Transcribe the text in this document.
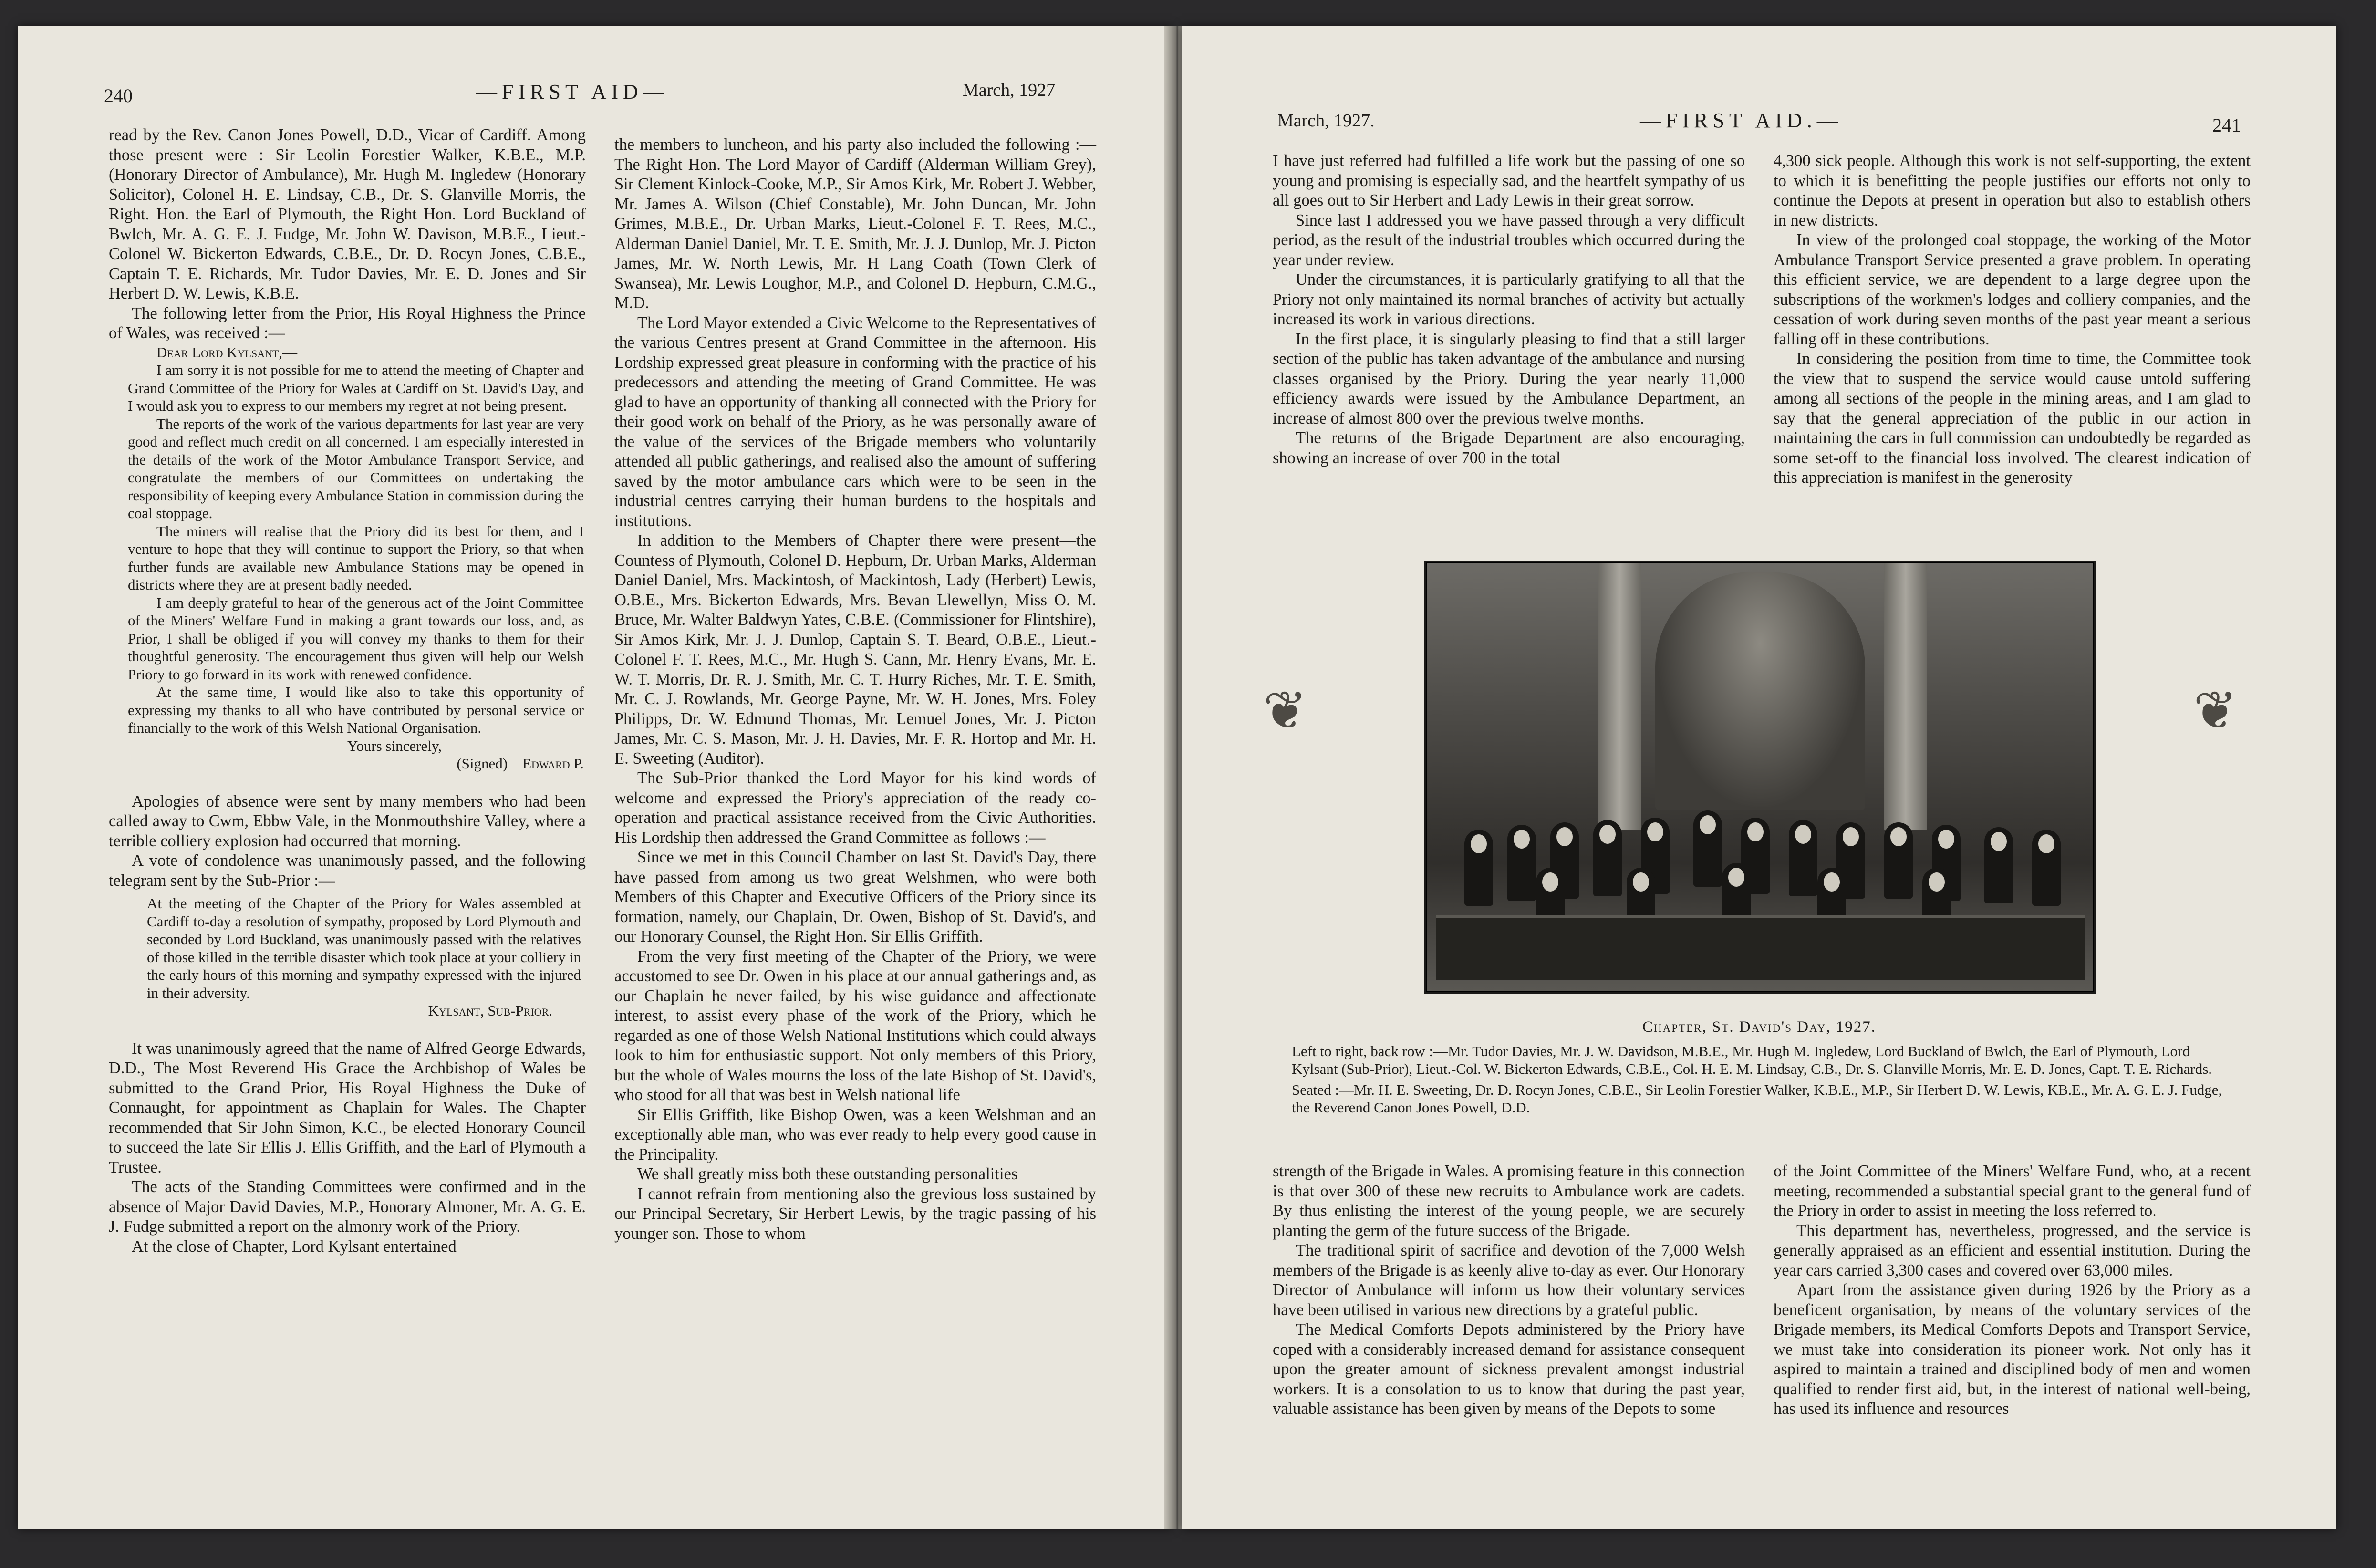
240	—FIRST AID—	March, 1927

read by the Rev. Canon Jones Powell, D.D., Vicar of Cardiff. Among those present were : Sir Leolin Forestier Walker, K.B.E., M.P. (Honorary Director of Ambulance), Mr. Hugh M. Ingledew (Honorary Solicitor), Colonel H. E. Lindsay, C.B., Dr. S. Glanville Morris, the Right. Hon. the Earl of Plymouth, the Right Hon. Lord Buckland of Bwlch, Mr. A. G. E. J. Fudge, Mr. John W. Davison, M.B.E., Lieut.-Colonel W. Bickerton Edwards, C.B.E., Dr. D. Rocyn Jones, C.B.E., Captain T. E. Richards, Mr. Tudor Davies, Mr. E. D. Jones and Sir Herbert D. W. Lewis, K.B.E.

The following letter from the Prior, His Royal Highness the Prince of Wales, was received :—

Dear Lord Kylsant,—

I am sorry it is not possible for me to attend the meeting of Chapter and Grand Committee of the Priory for Wales at Cardiff on St. David's Day, and I would ask you to express to our members my regret at not being present.

The reports of the work of the various departments for last year are very good and reflect much credit on all concerned. I am especially interested in the details of the work of the Motor Ambulance Transport Service, and congratulate the members of our Committees on undertaking the responsibility of keeping every Ambulance Station in commission during the coal stoppage.

The miners will realise that the Priory did its best for them, and I venture to hope that they will continue to support the Priory, so that when further funds are available new Ambulance Stations may be opened in districts where they are at present badly needed.

I am deeply grateful to hear of the generous act of the Joint Committee of the Miners' Welfare Fund in making a grant towards our loss, and, as Prior, I shall be obliged if you will convey my thanks to them for their thoughtful generosity. The encouragement thus given will help our Welsh Priory to go forward in its work with renewed confidence.

At the same time, I would like also to take this opportunity of expressing my thanks to all who have contributed by personal service or financially to the work of this Welsh National Organisation.

Yours sincerely,

(Signed) Edward P.

Apologies of absence were sent by many members who had been called away to Cwm, Ebbw Vale, in the Monmouthshire Valley, where a terrible colliery explosion had occurred that morning.

A vote of condolence was unanimously passed, and the following telegram sent by the Sub-Prior :—

At the meeting of the Chapter of the Priory for Wales assembled at Cardiff to-day a resolution of sympathy, proposed by Lord Plymouth and seconded by Lord Buckland, was unanimously passed with the relatives of those killed in the terrible disaster which took place at your colliery in the early hours of this morning and sympathy expressed with the injured in their adversity.

Kylsant, Sub-Prior.

It was unanimously agreed that the name of Alfred George Edwards, D.D., The Most Reverend His Grace the Archbishop of Wales be submitted to the Grand Prior, His Royal Highness the Duke of Connaught, for appointment as Chaplain for Wales. The Chapter recommended that Sir John Simon, K.C., be elected Honorary Council to succeed the late Sir Ellis J. Ellis Griffith, and the Earl of Plymouth a Trustee.

The acts of the Standing Committees were confirmed and in the absence of Major David Davies, M.P., Honorary Almoner, Mr. A. G. E. J. Fudge submitted a report on the almonry work of the Priory.

At the close of Chapter, Lord Kylsant entertained

the members to luncheon, and his party also included the following :—The Right Hon. The Lord Mayor of Cardiff (Alderman William Grey), Sir Clement Kinlock-Cooke, M.P., Sir Amos Kirk, Mr. Robert J. Webber, Mr. James A. Wilson (Chief Constable), Mr. John Duncan, Mr. John Grimes, M.B.E., Dr. Urban Marks, Lieut.-Colonel F. T. Rees, M.C., Alderman Daniel Daniel, Mr. T. E. Smith, Mr. J. J. Dunlop, Mr. J. Picton James, Mr. W. North Lewis, Mr. H Lang Coath (Town Clerk of Swansea), Mr. Lewis Loughor, M.P., and Colonel D. Hepburn, C.M.G., M.D.

The Lord Mayor extended a Civic Welcome to the Representatives of the various Centres present at Grand Committee in the afternoon. His Lordship expressed great pleasure in conforming with the practice of his predecessors and attending the meeting of Grand Committee. He was glad to have an opportunity of thanking all connected with the Priory for their good work on behalf of the Priory, as he was personally aware of the value of the services of the Brigade members who voluntarily attended all public gatherings, and realised also the amount of suffering saved by the motor ambulance cars which were to be seen in the industrial centres carrying their human burdens to the hospitals and institutions.

In addition to the Members of Chapter there were present—the Countess of Plymouth, Colonel D. Hepburn, Dr. Urban Marks, Alderman Daniel Daniel, Mrs. Mackintosh, of Mackintosh, Lady (Herbert) Lewis, O.B.E., Mrs. Bickerton Edwards, Mrs. Bevan Llewellyn, Miss O. M. Bruce, Mr. Walter Baldwyn Yates, C.B.E. (Commissioner for Flintshire), Sir Amos Kirk, Mr. J. J. Dunlop, Captain S. T. Beard, O.B.E., Lieut.-Colonel F. T. Rees, M.C., Mr. Hugh S. Cann, Mr. Henry Evans, Mr. E. W. T. Morris, Dr. R. J. Smith, Mr. C. T. Hurry Riches, Mr. T. E. Smith, Mr. C. J. Rowlands, Mr. George Payne, Mr. W. H. Jones, Mrs. Foley Philipps, Dr. W. Edmund Thomas, Mr. Lemuel Jones, Mr. J. Picton James, Mr. C. S. Mason, Mr. J. H. Davies, Mr. F. R. Hortop and Mr. H. E. Sweeting (Auditor).

The Sub-Prior thanked the Lord Mayor for his kind words of welcome and expressed the Priory's appreciation of the ready co-operation and practical assistance received from the Civic Authorities. His Lordship then addressed the Grand Committee as follows :—

Since we met in this Council Chamber on last St. David's Day, there have passed from among us two great Welshmen, who were both Members of this Chapter and Executive Officers of the Priory since its formation, namely, our Chaplain, Dr. Owen, Bishop of St. David's, and our Honorary Counsel, the Right Hon. Sir Ellis Griffith.

From the very first meeting of the Chapter of the Priory, we were accustomed to see Dr. Owen in his place at our annual gatherings and, as our Chaplain he never failed, by his wise guidance and affectionate interest, to assist every phase of the work of the Priory, which he regarded as one of those Welsh National Institutions which could always look to him for enthusiastic support. Not only members of this Priory, but the whole of Wales mourns the loss of the late Bishop of St. David's, who stood for all that was best in Welsh national life

Sir Ellis Griffith, like Bishop Owen, was a keen Welshman and an exceptionally able man, who was ever ready to help every good cause in the Principality.

We shall greatly miss both these outstanding personalities

I cannot refrain from mentioning also the grevious loss sustained by our Principal Secretary, Sir Herbert Lewis, by the tragic passing of his younger son. Those to whom

March, 1927.	—FIRST AID.—	241

I have just referred had fulfilled a life work but the passing of one so young and promising is especially sad, and the heartfelt sympathy of us all goes out to Sir Herbert and Lady Lewis in their great sorrow.

Since last I addressed you we have passed through a very difficult period, as the result of the industrial troubles which occurred during the year under review.

Under the circumstances, it is particularly gratifying to all that the Priory not only maintained its normal branches of activity but actually increased its work in various directions.

In the first place, it is singularly pleasing to find that a still larger section of the public has taken advantage of the ambulance and nursing classes organised by the Priory. During the year nearly 11,000 efficiency awards were issued by the Ambulance Department, an increase of almost 800 over the previous twelve months.

The returns of the Brigade Department are also encouraging, showing an increase of over 700 in the total

4,300 sick people. Although this work is not self-supporting, the extent to which it is benefitting the people justifies our efforts not only to continue the Depots at present in operation but also to establish others in new districts.

In view of the prolonged coal stoppage, the working of the Motor Ambulance Transport Service presented a grave problem. In operating this efficient service, we are dependent to a large degree upon the subscriptions of the workmen's lodges and colliery companies, and the cessation of work during seven months of the past year meant a serious falling off in these contributions.

In considering the position from time to time, the Committee took the view that to suspend the service would cause untold suffering among all sections of the people in the mining areas, and I am glad to say that the general appreciation of the public in our action in maintaining the cars in full commission can undoubtedly be regarded as some set-off to the financial loss involved. The clearest indication of this appreciation is manifest in the generosity

❦	❦
Chapter, St. David's Day, 1927.
Left to right, back row :—Mr. Tudor Davies, Mr. J. W. Davidson, M.B.E., Mr. Hugh M. Ingledew, Lord Buckland of Bwlch, the Earl of Plymouth, Lord Kylsant (Sub-Prior), Lieut.-Col. W. Bickerton Edwards, C.B.E., Col. H. E. M. Lindsay, C.B., Dr. S. Glanville Morris, Mr. E. D. Jones, Capt. T. E. Richards.
Seated :—Mr. H. E. Sweeting, Dr. D. Rocyn Jones, C.B.E., Sir Leolin Forestier Walker, K.B.E., M.P., Sir Herbert D. W. Lewis, KB.E., Mr. A. G. E. J. Fudge, the Reverend Canon Jones Powell, D.D.

strength of the Brigade in Wales. A promising feature in this connection is that over 300 of these new recruits to Ambulance work are cadets. By thus enlisting the interest of the young people, we are securely planting the germ of the future success of the Brigade.

The traditional spirit of sacrifice and devotion of the 7,000 Welsh members of the Brigade is as keenly alive to-day as ever. Our Honorary Director of Ambulance will inform us how their voluntary services have been utilised in various new directions by a grateful public.

The Medical Comforts Depots administered by the Priory have coped with a considerably increased demand for assistance consequent upon the greater amount of sickness prevalent amongst industrial workers. It is a consolation to us to know that during the past year, valuable assistance has been given by means of the Depots to some

of the Joint Committee of the Miners' Welfare Fund, who, at a recent meeting, recommended a substantial special grant to the general fund of the Priory in order to assist in meeting the loss referred to.

This department has, nevertheless, progressed, and the service is generally appraised as an efficient and essential institution. During the year cars carried 3,300 cases and covered over 63,000 miles.

Apart from the assistance given during 1926 by the Priory as a beneficent organisation, by means of the voluntary services of the Brigade members, its Medical Comforts Depots and Transport Service, we must take into consideration its pioneer work. Not only has it aspired to maintain a trained and disciplined body of men and women qualified to render first aid, but, in the interest of national well-being, has used its influence and resources
